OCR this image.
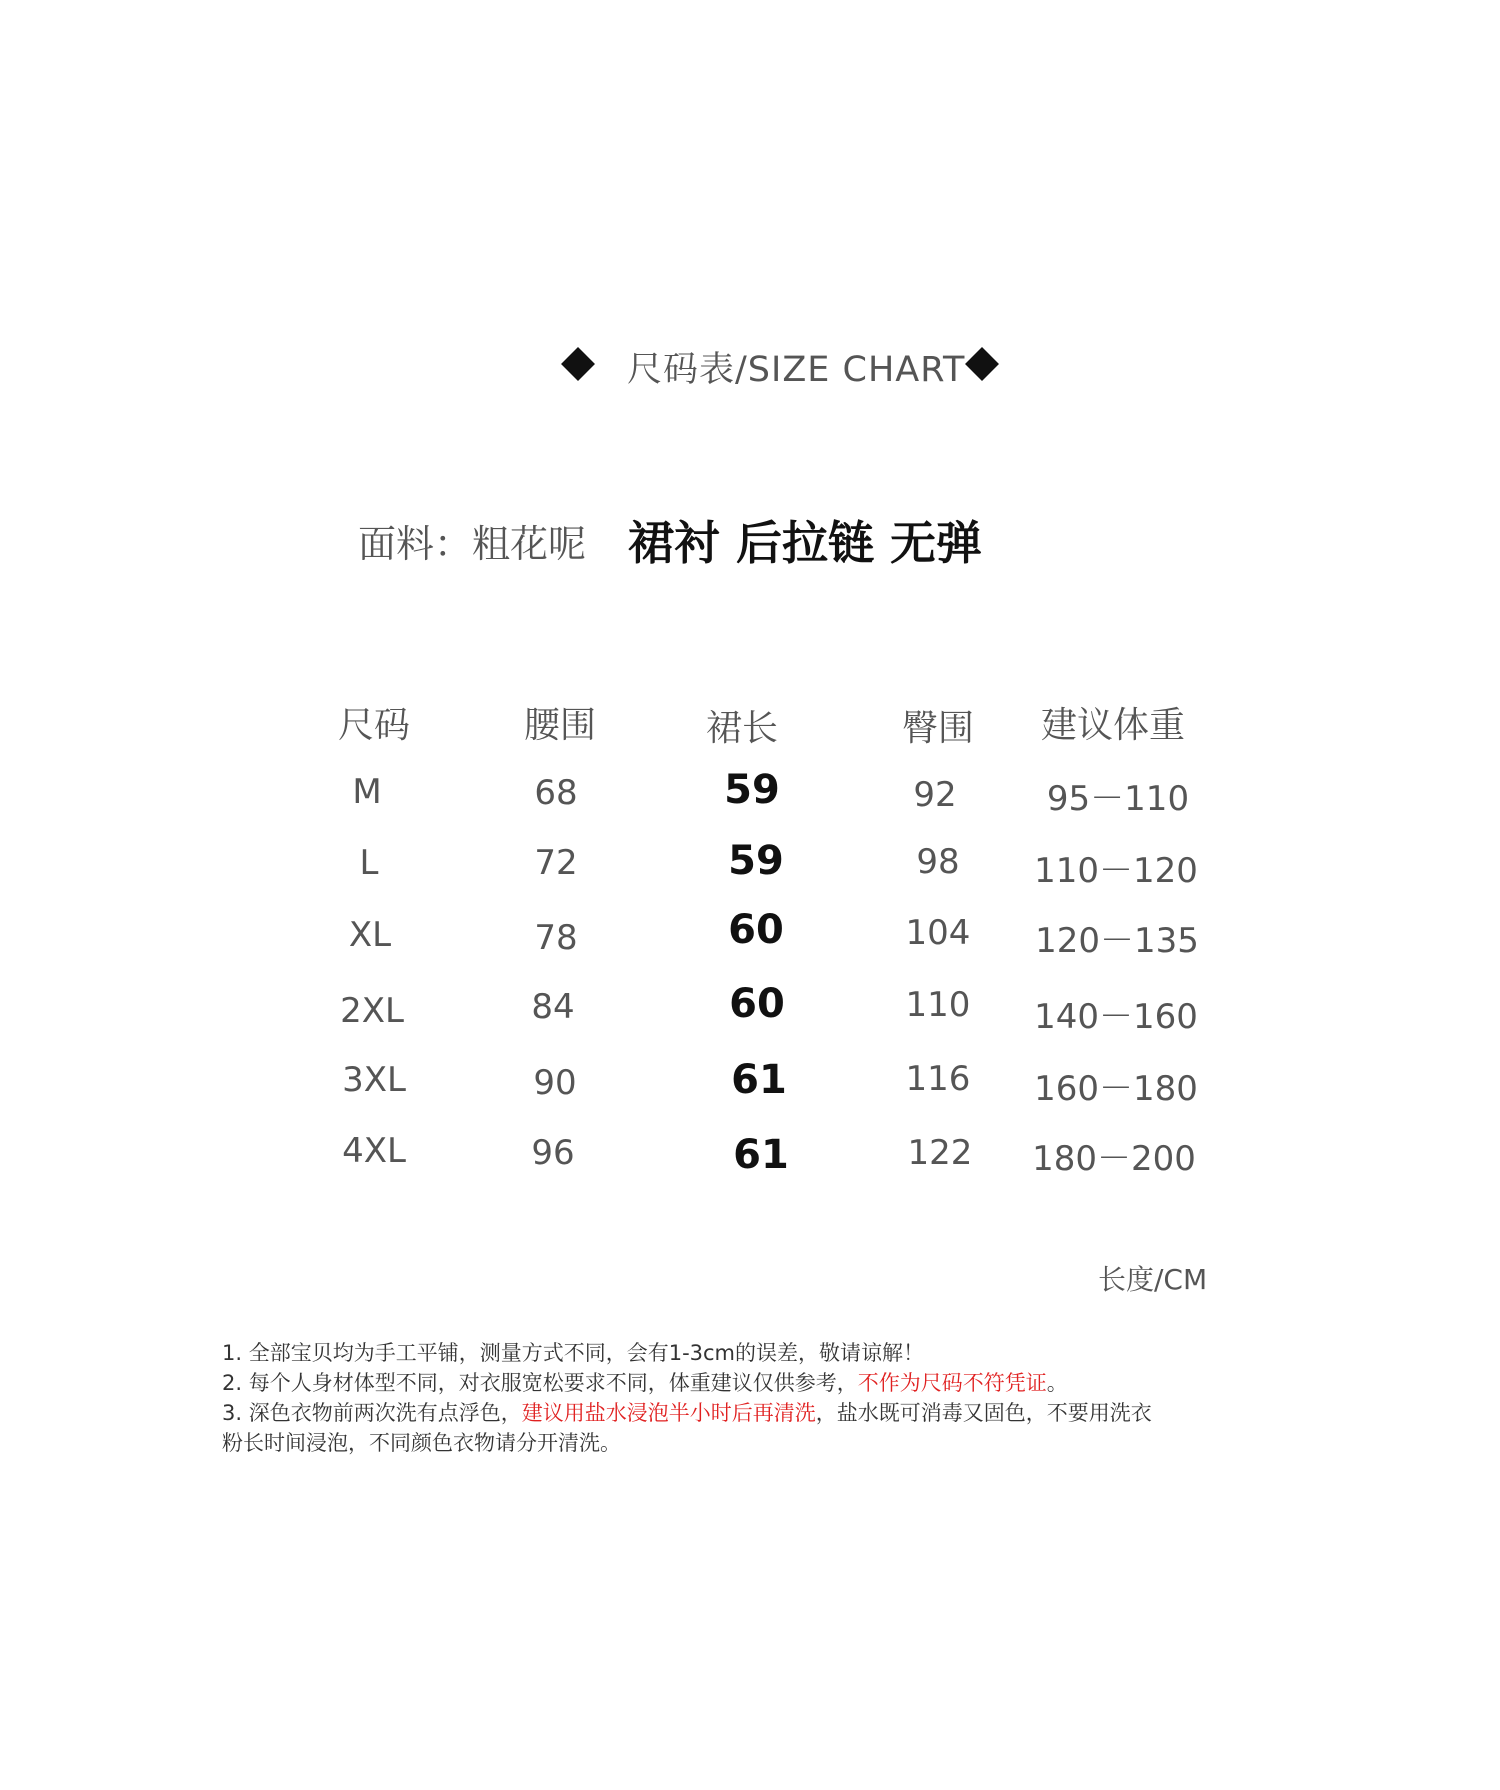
尺码表/SIZE CHART
面料：粗花呢 裙衬 后拉链 无弹
尺码	腰围	裙长	臀围 建议体重
M	68	59	92	95－110
L	72	59	98 110－120
XL	78	60	104 120－135
2XL	84	60	110 140－160
3XL	90	61	116 160－180
4XL	96	61	122 180－200
长度/CM
1. 全部宝贝均为手工平铺，测量方式不同，会有1-3cm的误差，敬请谅解！
2. 每个人身材体型不同，对衣服宽松要求不同，体重建议仅供参考，不作为尺码不符凭证。
3. 深色衣物前两次洗有点浮色，建议用盐水浸泡半小时后再清洗，盐水既可消毒又固色，不要用洗衣
粉长时间浸泡，不同颜色衣物请分开清洗。
